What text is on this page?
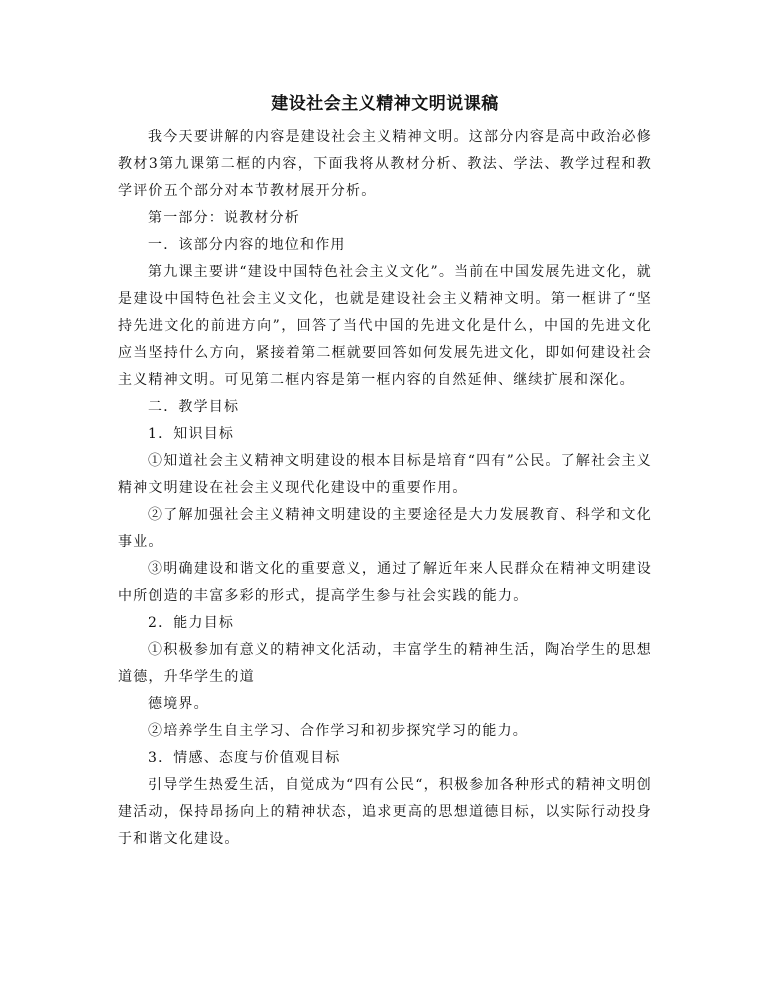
建设社会主义精神文明说课稿

我今天要讲解的内容是建设社会主义精神文明。这部分内容是高中政治必修教材3第九课第二框的内容，下面我将从教材分析、教法、学法、教学过程和教学评价五个部分对本节教材展开分析。

第一部分：说教材分析

一．该部分内容的地位和作用

第九课主要讲“建设中国特色社会主义文化”。当前在中国发展先进文化，就是建设中国特色社会主义文化，也就是建设社会主义精神文明。第一框讲了“坚持先进文化的前进方向”，回答了当代中国的先进文化是什么，中国的先进文化应当坚持什么方向，紧接着第二框就要回答如何发展先进文化，即如何建设社会主义精神文明。可见第二框内容是第一框内容的自然延伸、继续扩展和深化。

二．教学目标

1．知识目标

①知道社会主义精神文明建设的根本目标是培育“四有”公民。了解社会主义精神文明建设在社会主义现代化建设中的重要作用。

②了解加强社会主义精神文明建设的主要途径是大力发展教育、科学和文化事业。

③明确建设和谐文化的重要意义，通过了解近年来人民群众在精神文明建设中所创造的丰富多彩的形式，提高学生参与社会实践的能力。

2．能力目标

①积极参加有意义的精神文化活动，丰富学生的精神生活，陶冶学生的思想道德，升华学生的道

德境界。

②培养学生自主学习、合作学习和初步探究学习的能力。

3．情感、态度与价值观目标

引导学生热爱生活，自觉成为“四有公民“，积极参加各种形式的精神文明创建活动，保持昂扬向上的精神状态，追求更高的思想道德目标，以实际行动投身于和谐文化建设。
